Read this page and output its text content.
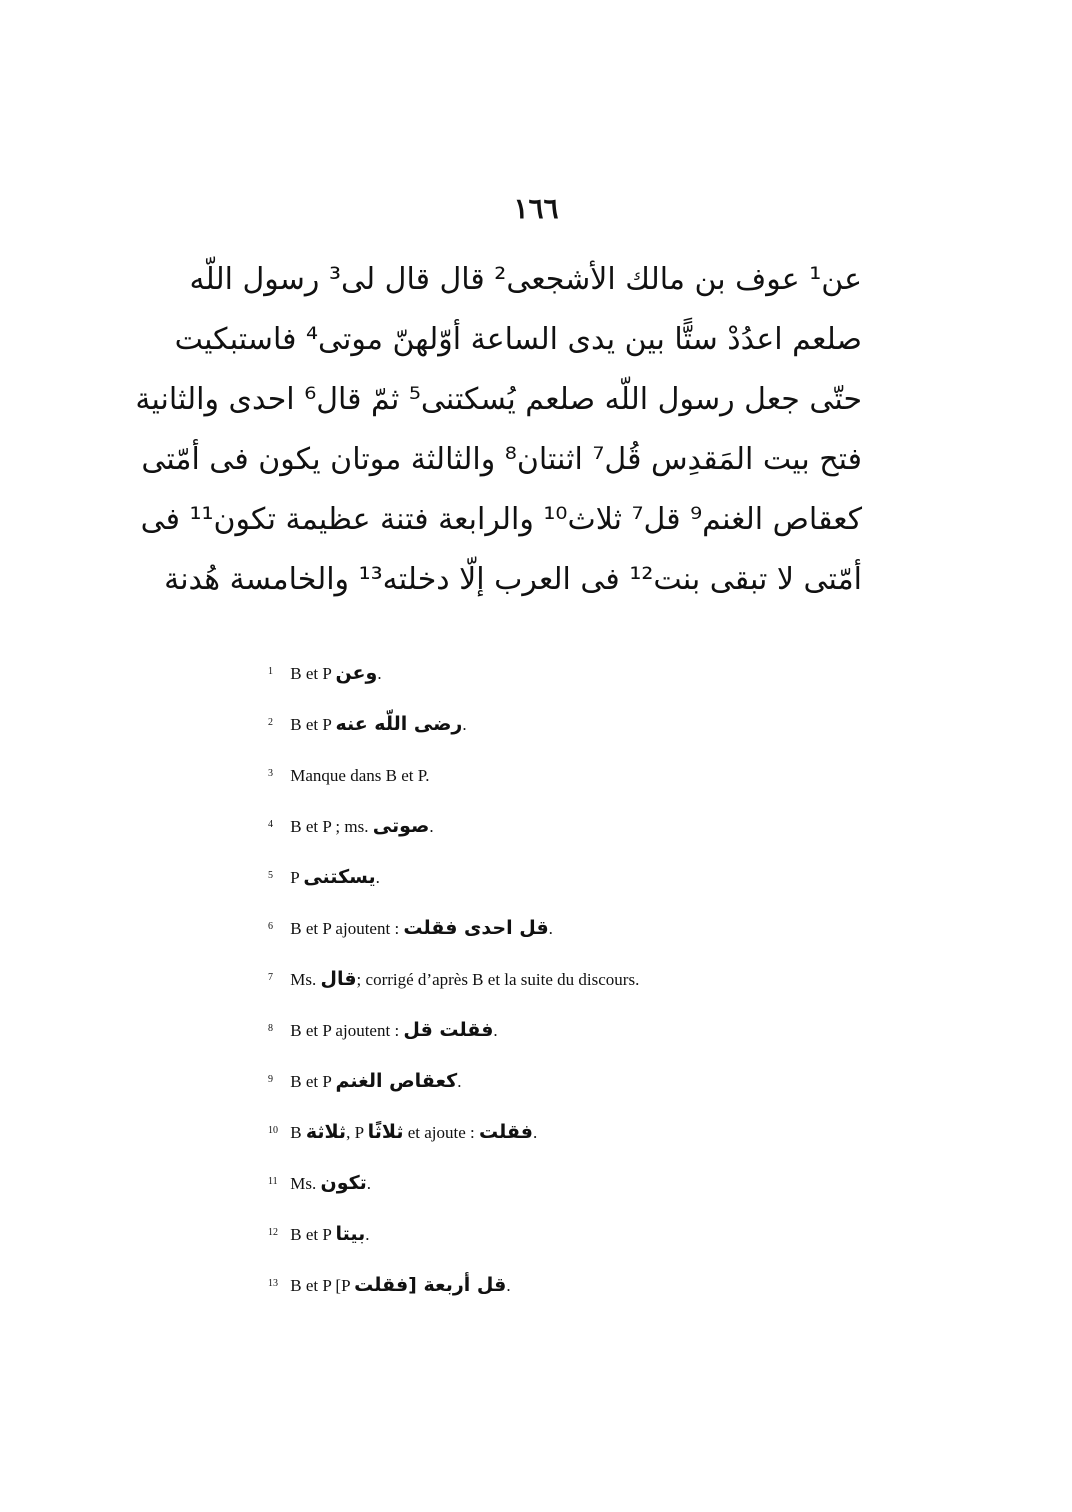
١٦٦
عن¹ عوف بن مالك الأشجعى² قال قال لى³ رسول اللّه
صلعم اعدُدْ ستًّا بين يدى الساعة أوّلهنّ موتى⁴ فاستبكيت
حتّى جعل رسول اللّه صلعم يُسكتنى⁵ ثمّ قال⁶ احدى والثانية
فتح بيت المَقدِس قُل⁷ اثنتان⁸ والثالثة موتان يكون فى أمّتى
كعقاص الغنم⁹ قل⁷ ثلاث¹⁰ والرابعة فتنة عظيمة تكون¹¹ فى
أمّتى لا تبقى بنت¹² فى العرب إلّا دخلته¹³ والخامسة هُدنة
1 B et P وعن.
2 B et P رضى اللّه عنه.
3 Manque dans B et P.
4 B et P ; ms. صوتى.
5 P يسكتنى.
6 B et P ajoutent : قل احدى فقلت.
7 Ms. قال; corrigé d’après B et la suite du discours.
8 B et P ajoutent : فقلت قل.
9 B et P كعقاص الغنم.
10 B ثلاثة, P ثلاثًا et ajoute : فقلت.
11 Ms. تكون.
12 B et P بيتا.
13 B et P [P قل أربعة [فقلت.
